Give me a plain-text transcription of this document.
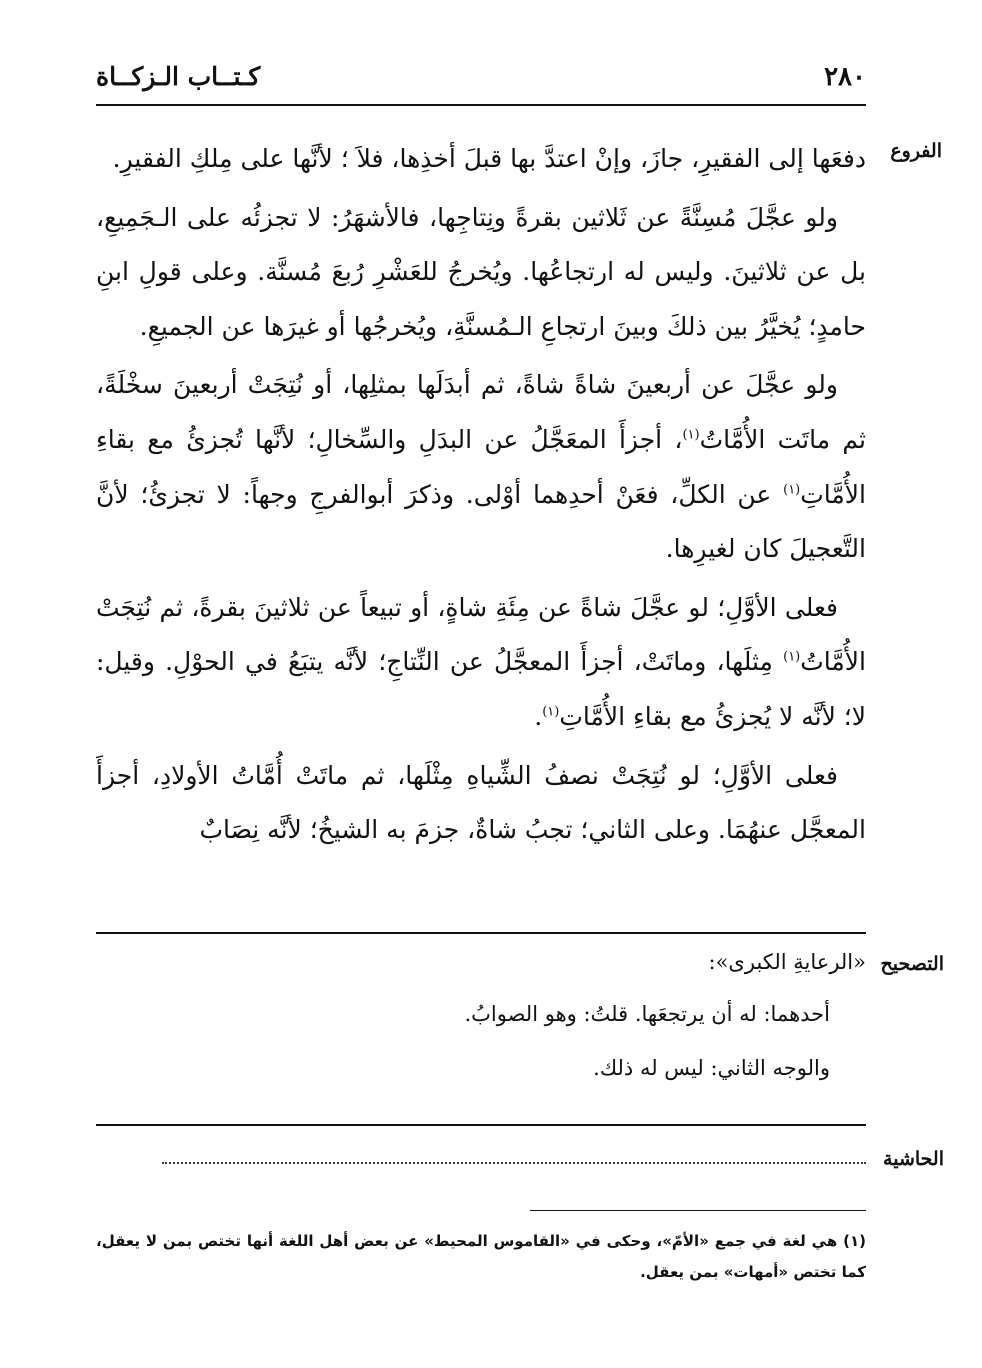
٢٨٠
كـتــاب الـزكــاة
الفروع

دفعَها إلى الفقيرِ، جازَ، وإنْ اعتدَّ بها قبلَ أخذِها، فلاَ ؛ لأنَّها على مِلكِ الفقيرِ.

ولو عجَّلَ مُسِنَّةً عن ثَلاثين بقرةً ونِتاجِها، فالأشهَرُ: لا تجزئُه على الـجَمِيعِ، بل عن ثلاثينَ. وليس له ارتجاعُها. ويُخرجُ للعَشْرِ رُبعَ مُسنَّة. وعلى قولِ ابنِ حامدٍ؛ يُخيَّرُ بين ذلكَ وبينَ ارتجاعِ الـمُسنَّةِ، ويُخرجُها أو غيرَها عن الجميعِ.

ولو عجَّلَ عن أربعينَ شاةً شاةً، ثم أبدَلَها بمثلِها، أو نُتِجَتْ أربعينَ سخْلَةً، ثم ماتَت الأُمَّاتُ$^{(١)}$، أجزأَ المعَجَّلُ عن البدَلِ والسِّخالِ؛ لأنَّها تُجزئُ مع بقاءِ الأُمَّاتِ$^{(١)}$ عن الكلِّ، فعَنْ أحدِهما أوْلى. وذكرَ أبوالفرجِ وجهاً: لا تجزئُ؛ لأنَّ التَّعجيلَ كان لغيرِها.

فعلى الأوَّلِ؛ لو عجَّلَ شاةً عن مِئَةِ شاةٍ، أو تبيعاً عن ثلاثينَ بقرةً، ثم نُتِجَتْ الأُمَّاتُ$^{(١)}$ مِثلَها، وماتَتْ، أجزأَ المعجَّلُ عن النِّتاجِ؛ لأنَّه يتبَعُ في الحوْلِ. وقيل: لا؛ لأنَّه لا يُجزئُ مع بقاءِ الأُمَّاتِ$^{(١)}$.

فعلى الأوَّلِ؛ لو نُتِجَتْ نصفُ الشِّياهِ مِثْلَها، ثم ماتَتْ أُمَّاتُ الأولادِ، أجزأَ المعجَّل عنهُمَا. وعلى الثاني؛ تجبُ شاةٌ، جزمَ به الشيخُ؛ لأنَّه نِصَابٌ

التصحيح
«الرعايةِ الكبرى»:
أحدهما: له أن يرتجعَها. قلتُ: وهو الصوابُ.
والوجه الثاني: ليس له ذلك.
الحاشية
(١) هي لغة في جمع «الأمّ»، وحكى في «القاموس المحيط» عن بعض أهل اللغة أنها تختص بمن لا يعقل، كما تختص «أمهات» بمن يعقل.
